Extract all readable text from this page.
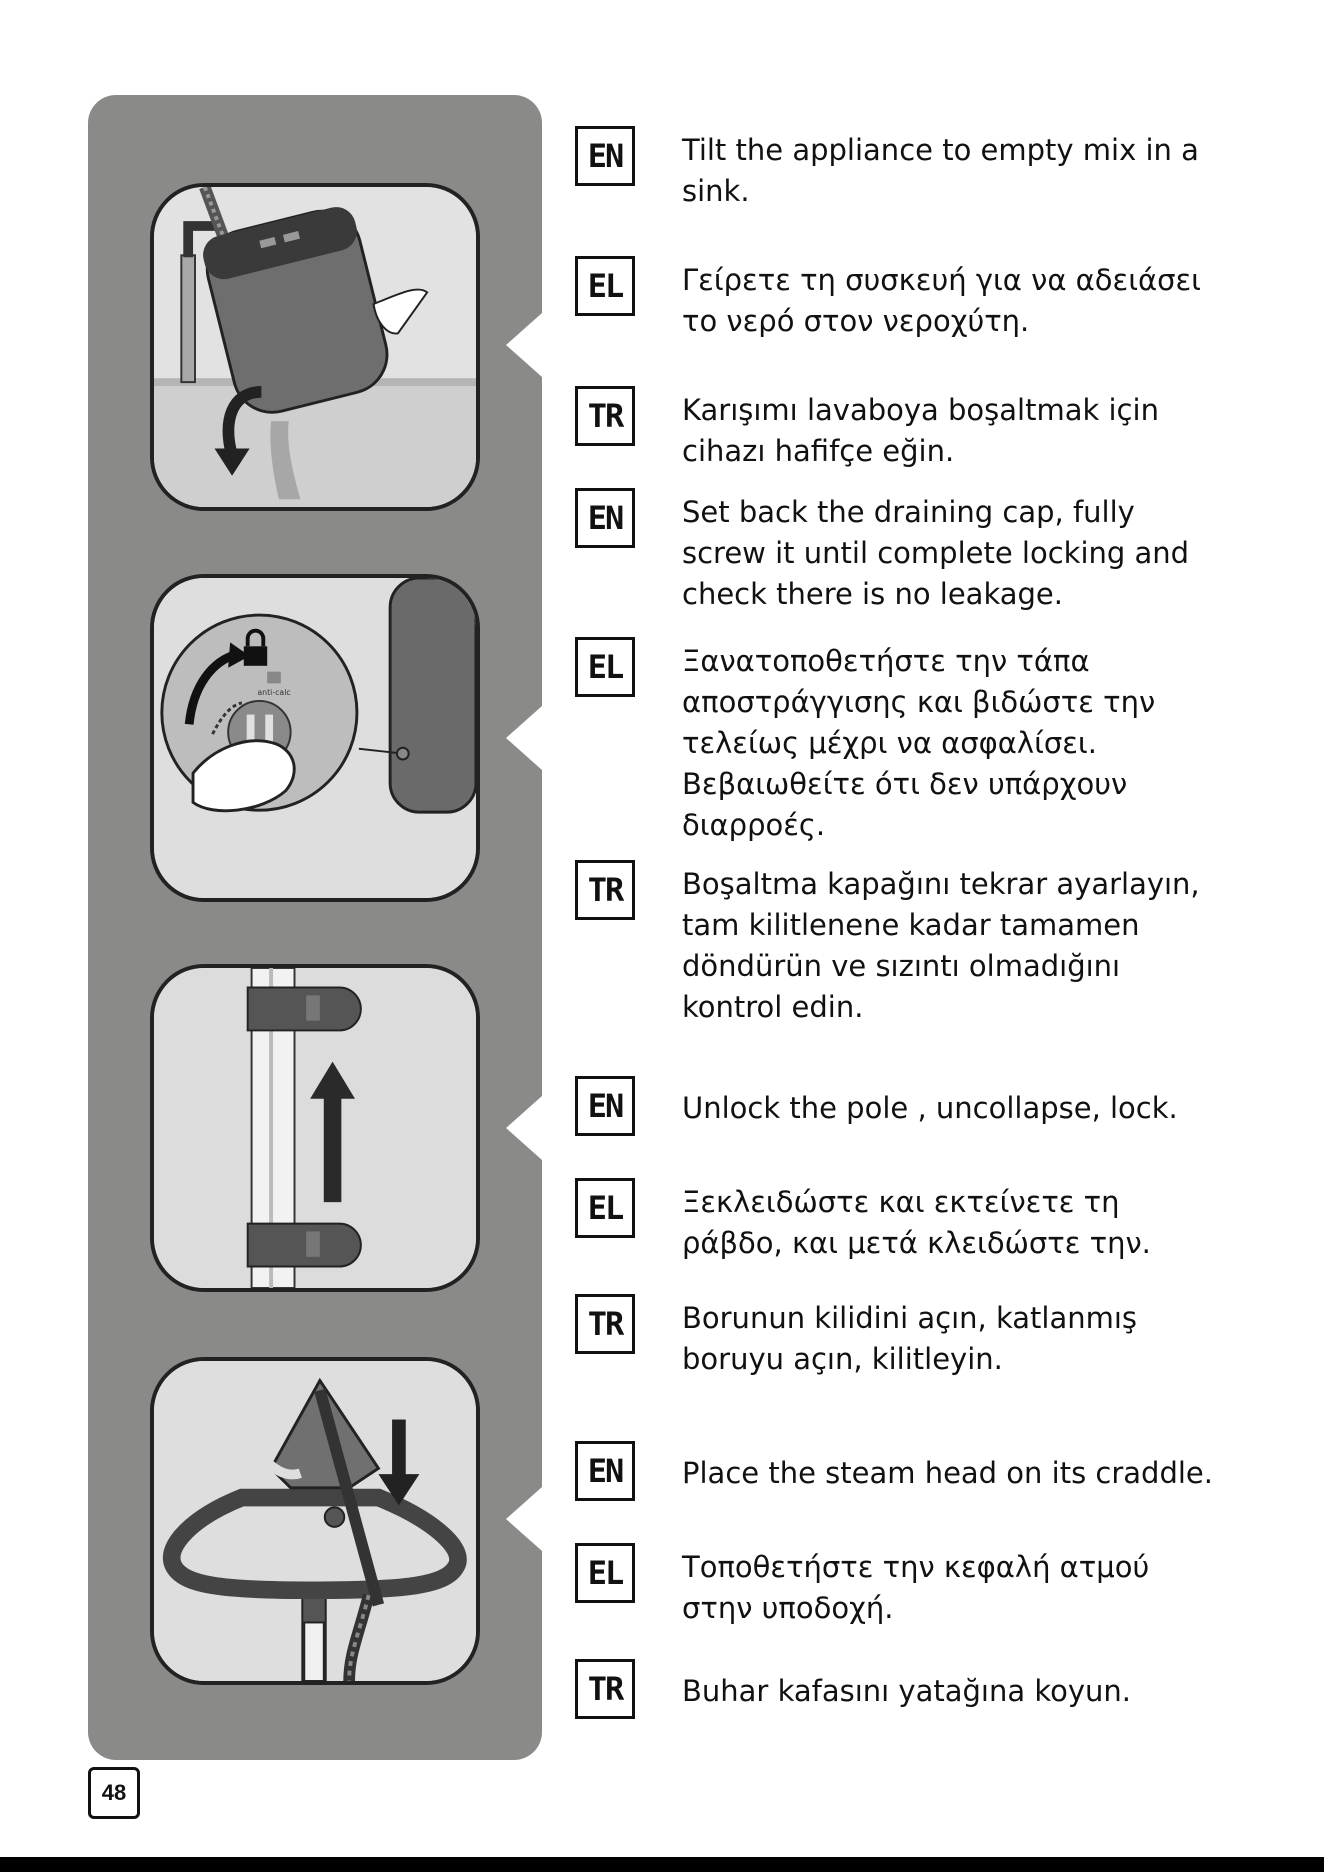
anti-calc
EN	Tilt the appliance to empty mix in a sink.
EL	Γείρετε τη συσκευή για να αδειάσει το νερό στον νεροχύτη.
TR	Karışımı lavaboya boşaltmak için cihazı hafifçe eğin.
EN	Set back the draining cap, fully screw it until complete locking and check there is no leakage.
EL	Ξανατοποθετήστε την τάπα αποστράγγισης και βιδώστε την τελείως μέχρι να ασφαλίσει. Βεβαιωθείτε ότι δεν υπάρχουν διαρροές.
TR	Boşaltma kapağını tekrar ayarlayın, tam kilitlenene kadar tamamen döndürün ve sızıntı olmadığını kontrol edin.
EN	Unlock the pole , uncollapse, lock.
EL	Ξεκλειδώστε και εκτείνετε τη ράβδο, και μετά κλειδώστε την.
TR	Borunun kilidini açın, katlanmış boruyu açın, kilitleyin.
EN	Place the steam head on its craddle.
EL	Τοποθετήστε την κεφαλή ατμού στην υποδοχή.
TR	Buhar kafasını yatağına koyun.
48
